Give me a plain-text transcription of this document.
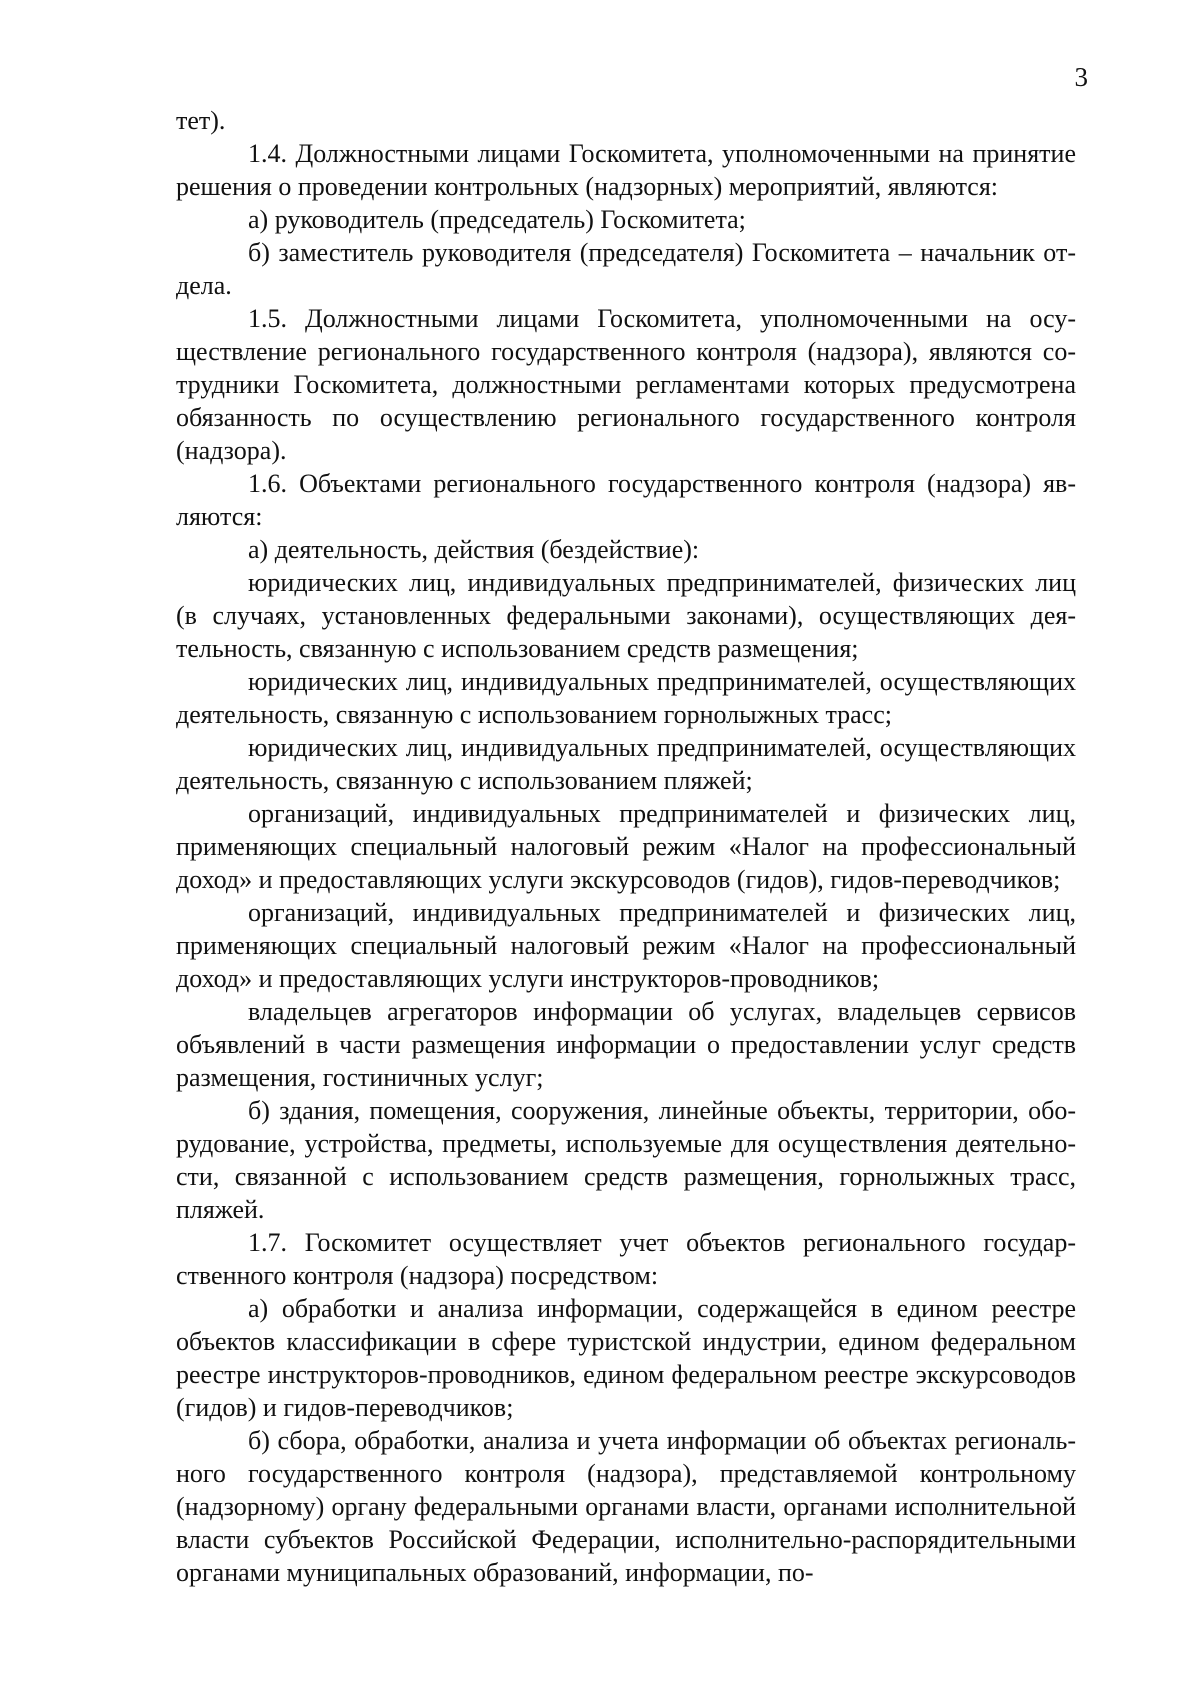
3

тет).

1.4. Должностными лицами Госкомитета, уполномоченными на принятие решения о проведении контрольных (надзорных) мероприятий, являются:

а) руководитель (председатель) Госкомитета;

б) заместитель руководителя (председателя) Госкомитета – начальник отдела.

1.5. Должностными лицами Госкомитета, уполномоченными на осуществление регионального государственного контроля (надзора), являются сотрудники Госкомитета, должностными регламентами которых предусмотрена обязанность по осуществлению регионального государственного контроля (надзора).

1.6. Объектами регионального государственного контроля (надзора) являются:

а) деятельность, действия (бездействие):

юридических лиц, индивидуальных предпринимателей, физических лиц (в случаях, установленных федеральными законами), осуществляющих деятельность, связанную с использованием средств размещения;

юридических лиц, индивидуальных предпринимателей, осуществляющих деятельность, связанную с использованием горнолыжных трасс;

юридических лиц, индивидуальных предпринимателей, осуществляющих деятельность, связанную с использованием пляжей;

организаций, индивидуальных предпринимателей и физических лиц, применяющих специальный налоговый режим «Налог на профессиональный доход» и предоставляющих услуги экскурсоводов (гидов), гидов-переводчиков;

организаций, индивидуальных предпринимателей и физических лиц, применяющих специальный налоговый режим «Налог на профессиональный доход» и предоставляющих услуги инструкторов-проводников;

владельцев агрегаторов информации об услугах, владельцев сервисов объявлений в части размещения информации о предоставлении услуг средств размещения, гостиничных услуг;

б) здания, помещения, сооружения, линейные объекты, территории, оборудование, устройства, предметы, используемые для осуществления деятельности, связанной с использованием средств размещения, горнолыжных трасс, пляжей.

1.7. Госкомитет осуществляет учет объектов регионального государственного контроля (надзора) посредством:

а) обработки и анализа информации, содержащейся в едином реестре объектов классификации в сфере туристской индустрии, едином федеральном реестре инструкторов-проводников, едином федеральном реестре экскурсоводов (гидов) и гидов-переводчиков;

б) сбора, обработки, анализа и учета информации об объектах регионального государственного контроля (надзора), представляемой контрольному (надзорному) органу федеральными органами власти, органами исполнительной власти субъектов Российской Федерации, исполнительно-распорядительными органами муниципальных образований, информации, по-
